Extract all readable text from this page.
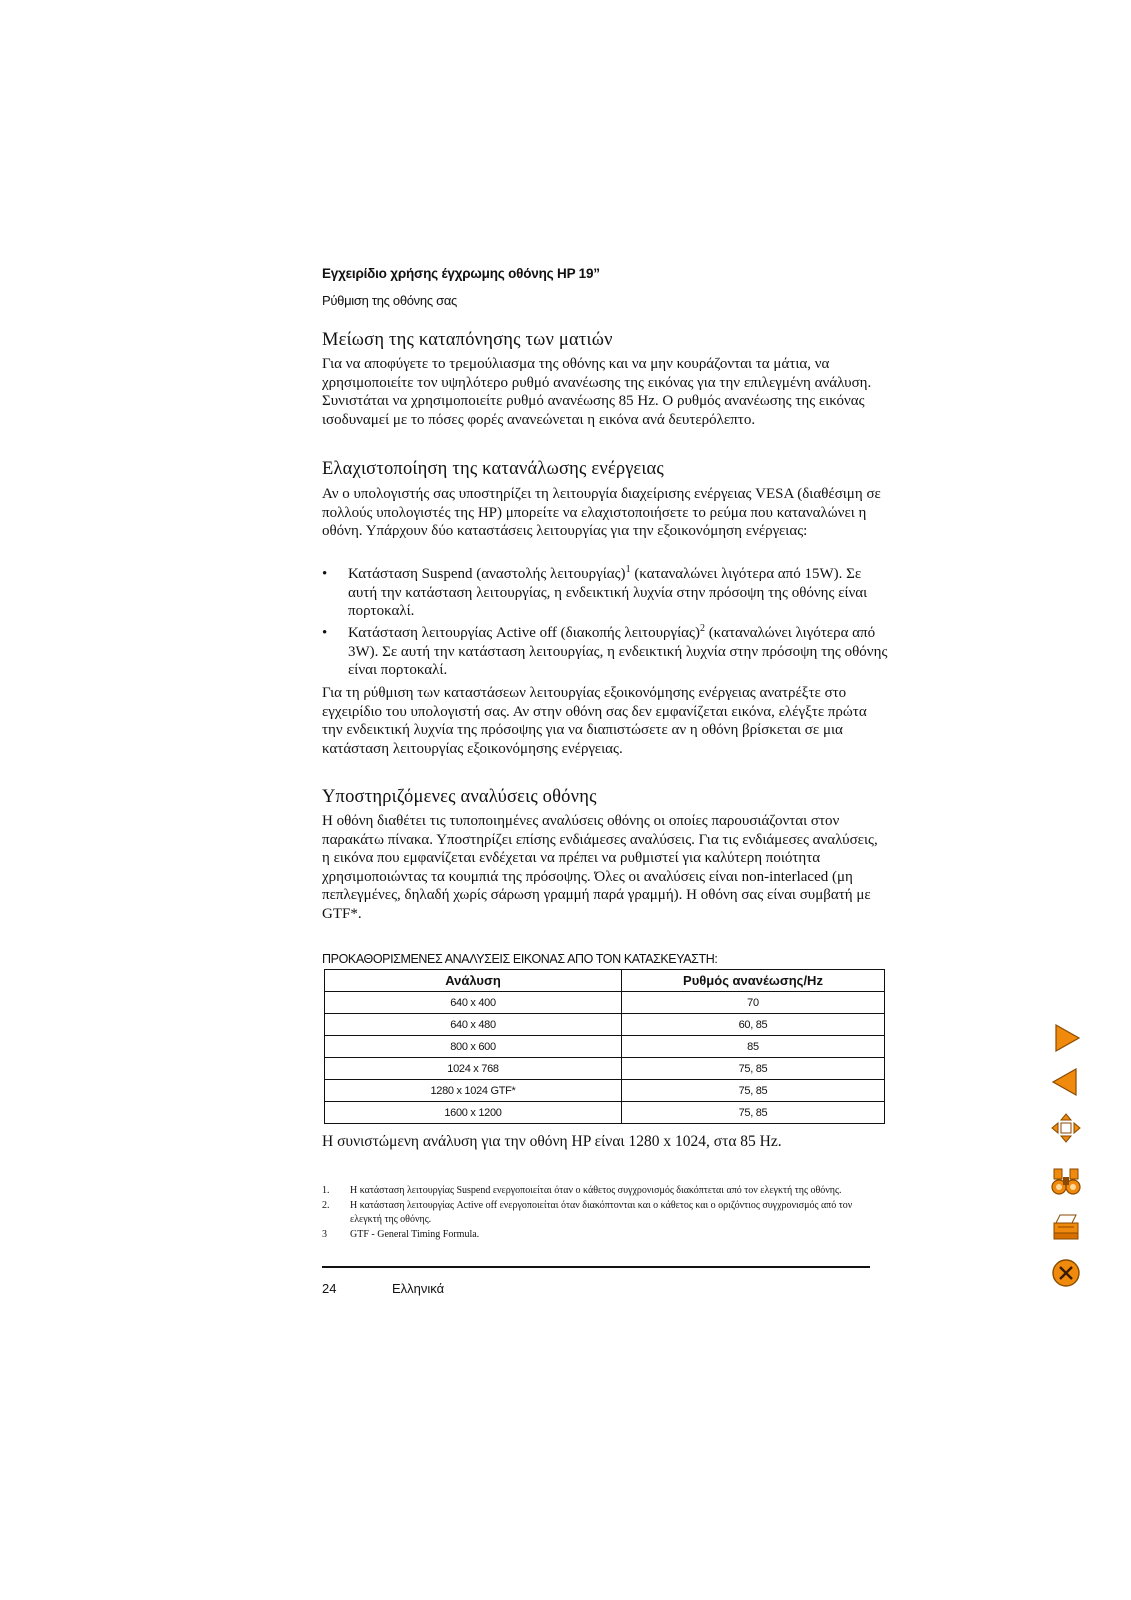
Εγχειρίδιο χρήσης έγχρωμης οθόνης HP 19”
Ρύθμιση της οθόνης σας
Μείωση της καταπόνησης των ματιών

Για να αποφύγετε το τρεμούλιασμα της οθόνης και να μην κουράζονται τα μάτια, να χρησιμοποιείτε τον υψηλότερο ρυθμό ανανέωσης της εικόνας για την επιλεγμένη ανάλυση. Συνιστάται να χρησιμοποιείτε ρυθμό ανανέωσης 85 Hz. Ο ρυθμός ανανέωσης της εικόνας ισοδυναμεί με το πόσες φορές ανανεώνεται η εικόνα ανά δευτερόλεπτο.

Ελαχιστοποίηση της κατανάλωσης ενέργειας

Αν ο υπολογιστής σας υποστηρίζει τη λειτουργία διαχείρισης ενέργειας VESA (διαθέσιμη σε πολλούς υπολογιστές της HP) μπορείτε να ελαχιστοποιήσετε το ρεύμα που καταναλώνει η οθόνη. Υπάρχουν δύο καταστάσεις λειτουργίας για την εξοικονόμηση ενέργειας:

•	Κατάσταση Suspend (αναστολής λειτουργίας)$^1$ (καταναλώνει λιγότερα από 15W). Σε αυτή την κατάσταση λειτουργίας, η ενδεικτική λυχνία στην πρόσοψη της οθόνης είναι πορτοκαλί.
•	Κατάσταση λειτουργίας Active off (διακοπής λειτουργίας)$^2$ (καταναλώνει λιγότερα από 3W). Σε αυτή την κατάσταση λειτουργίας, η ενδεικτική λυχνία στην πρόσοψη της οθόνης είναι πορτοκαλί.

Για τη ρύθμιση των καταστάσεων λειτουργίας εξοικονόμησης ενέργειας ανατρέξτε στο εγχειρίδιο του υπολογιστή σας. Αν στην οθόνη σας δεν εμφανίζεται εικόνα, ελέγξτε πρώτα την ενδεικτική λυχνία της πρόσοψης για να διαπιστώσετε αν η οθόνη βρίσκεται σε μια κατάσταση λειτουργίας εξοικονόμησης ενέργειας.

Υποστηριζόμενες αναλύσεις οθόνης

Η οθόνη διαθέτει τις τυποποιημένες αναλύσεις οθόνης οι οποίες παρουσιάζονται στον παρακάτω πίνακα. Υποστηρίζει επίσης ενδιάμεσες αναλύσεις. Για τις ενδιάμεσες αναλύσεις, η εικόνα που εμφανίζεται ενδέχεται να πρέπει να ρυθμιστεί για καλύτερη ποιότητα χρησιμοποιώντας τα κουμπιά της πρόσοψης. Όλες οι αναλύσεις είναι non-interlaced (μη πεπλεγμένες, δηλαδή χωρίς σάρωση γραμμή παρά γραμμή). Η οθόνη σας είναι συμβατή με GTF*.

ΠΡΟΚΑΘΟΡΙΣΜΕΝΕΣ ΑΝΑΛΥΣΕΙΣ ΕΙΚΟΝΑΣ ΑΠΟ ΤΟΝ ΚΑΤΑΣΚΕΥΑΣΤΗ:
Ανάλυση	Ρυθμός ανανέωσης/Hz
640 x 400	70
640 x 480	60, 85
800 x 600	85
1024 x 768	75, 85
1280 x 1024 GTF*	75, 85
1600 x 1200	75, 85

Η συνιστώμενη ανάλυση για την οθόνη HP είναι 1280 x 1024, στα 85 Hz.

1. Η κατάσταση λειτουργίας Suspend ενεργοποιείται όταν ο κάθετος συγχρονισμός διακόπτεται από τον ελεγκτή της οθόνης.
2. Η κατάσταση λειτουργίας Active off ενεργοποιείται όταν διακόπτονται και ο κάθετος και ο οριζόντιος συγχρονισμός από τον ελεγκτή της οθόνης.
3 GTF - General Timing Formula.
24	Ελληνικά
